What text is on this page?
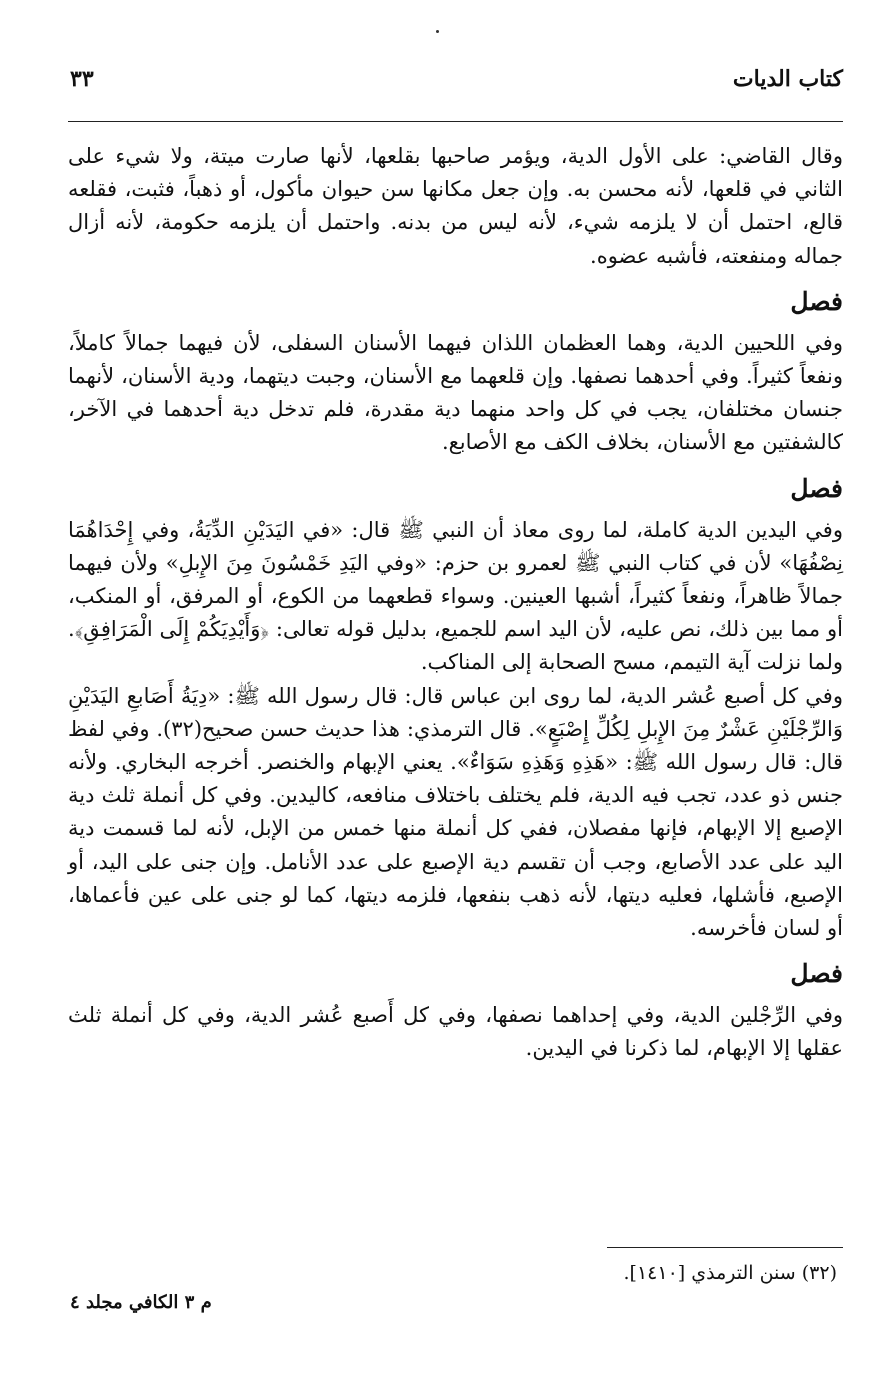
كتاب الديات
٣٣

وقال القاضي: على الأول الدية، ويؤمر صاحبها بقلعها، لأنها صارت ميتة، ولا شيء على الثاني في قلعها، لأنه محسن به. وإن جعل مكانها سن حيوان مأكول، أو ذهباً، فثبت، فقلعه قالع، احتمل أن لا يلزمه شيء، لأنه ليس من بدنه. واحتمل أن يلزمه حكومة، لأنه أزال جماله ومنفعته، فأشبه عضوه.

فصل

وفي اللحيين الدية، وهما العظمان اللذان فيهما الأسنان السفلى، لأن فيهما جمالاً كاملاً، ونفعاً كثيراً. وفي أحدهما نصفها. وإن قلعهما مع الأسنان، وجبت ديتهما، ودية الأسنان، لأنهما جنسان مختلفان، يجب في كل واحد منهما دية مقدرة، فلم تدخل دية أحدهما في الآخر، كالشفتين مع الأسنان، بخلاف الكف مع الأصابع.

فصل

وفي اليدين الدية كاملة، لما روى معاذ أن النبي ﷺ قال: «في اليَدَيْنِ الدِّيَةُ، وفي إِحْدَاهُمَا نِصْفُهَا» لأن في كتاب النبي ﷺ لعمرو بن حزم: «وفي اليَدِ خَمْسُونَ مِنَ الإِبلِ» ولأن فيهما جمالاً ظاهراً، ونفعاً كثيراً، أشبها العينين. وسواء قطعهما من الكوع، أو المرفق، أو المنكب، أو مما بين ذلك، نص عليه، لأن اليد اسم للجميع، بدليل قوله تعالى: ﴿وَأَيْدِيَكُمْ إِلَى الْمَرَافِقِ﴾. ولما نزلت آية التيمم، مسح الصحابة إلى المناكب.

وفي كل أصبع عُشر الدية، لما روى ابن عباس قال: قال رسول الله ﷺ: «دِيَةُ أَصَابعِ اليَدَيْنِ وَالرِّجْلَيْنِ عَشْرٌ مِنَ الإِبلِ لِكُلِّ إِصْبَعٍ». قال الترمذي: هذا حديث حسن صحيح(٣٢). وفي لفظ قال: قال رسول الله ﷺ: «هَذِهِ وَهَذِهِ سَوَاءٌ». يعني الإبهام والخنصر. أخرجه البخاري. ولأنه جنس ذو عدد، تجب فيه الدية، فلم يختلف باختلاف منافعه، كاليدين. وفي كل أنملة ثلث دية الإصبع إلا الإبهام، فإنها مفصلان، ففي كل أنملة منها خمس من الإبل، لأنه لما قسمت دية اليد على عدد الأصابع، وجب أن تقسم دية الإصبع على عدد الأنامل. وإن جنى على اليد، أو الإصبع، فأشلها، فعليه ديتها، لأنه ذهب بنفعها، فلزمه ديتها، كما لو جنى على عين فأعماها، أو لسان فأخرسه.

فصل

وفي الرِّجْلين الدية، وفي إحداهما نصفها، وفي كل أَصبع عُشر الدية، وفي كل أنملة ثلث عقلها إلا الإبهام، لما ذكرنا في اليدين.

(٣٢) سنن الترمذي [١٤١٠].
م ٣ الكافي مجلد ٤
